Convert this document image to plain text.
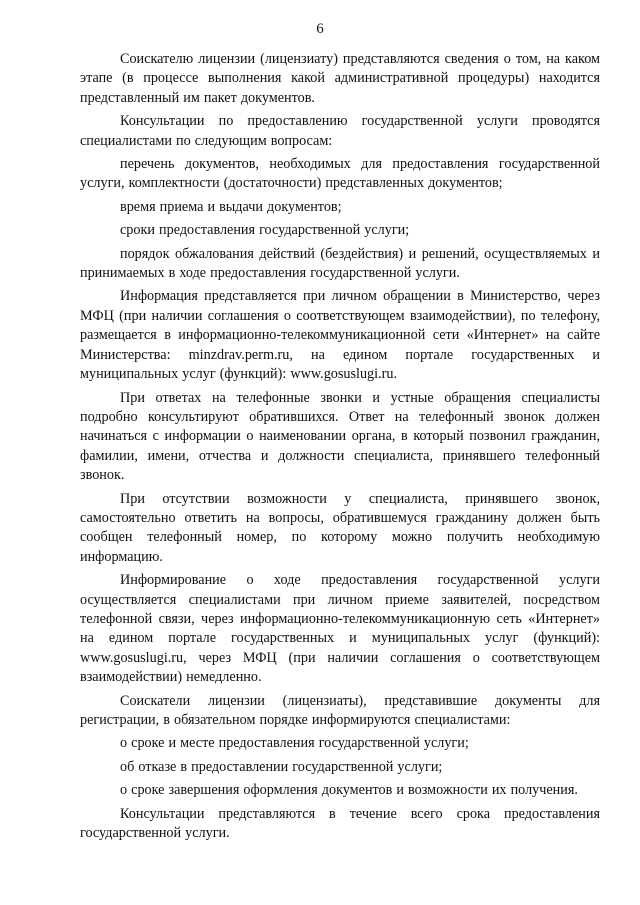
6

Соискателю лицензии (лицензиату) представляются сведения о том, на каком этапе (в процессе выполнения какой административной процедуры) находится представленный им пакет документов.

Консультации по предоставлению государственной услуги проводятся специалистами по следующим вопросам:

перечень документов, необходимых для предоставления государственной услуги, комплектности (достаточности) представленных документов;

время приема и выдачи документов;

сроки предоставления государственной услуги;

порядок обжалования действий (бездействия) и решений, осуществляемых и принимаемых в ходе предоставления государственной услуги.

Информация представляется при личном обращении в Министерство, через МФЦ (при наличии соглашения о соответствующем взаимодействии), по телефону, размещается в информационно-телекоммуникационной сети «Интернет» на сайте Министерства: minzdrav.perm.ru, на едином портале государственных и муниципальных услуг (функций): www.gosuslugi.ru.

При ответах на телефонные звонки и устные обращения специалисты подробно консультируют обратившихся. Ответ на телефонный звонок должен начинаться с информации о наименовании органа, в который позвонил гражданин, фамилии, имени, отчества и должности специалиста, принявшего телефонный звонок.

При отсутствии возможности у специалиста, принявшего звонок, самостоятельно ответить на вопросы, обратившемуся гражданину должен быть сообщен телефонный номер, по которому можно получить необходимую информацию.

Информирование о ходе предоставления государственной услуги осуществляется специалистами при личном приеме заявителей, посредством телефонной связи, через информационно-телекоммуникационную сеть «Интернет» на едином портале государственных и муниципальных услуг (функций): www.gosuslugi.ru, через МФЦ (при наличии соглашения о соответствующем взаимодействии) немедленно.

Соискатели лицензии (лицензиаты), представившие документы для регистрации, в обязательном порядке информируются специалистами:

о сроке и месте предоставления государственной услуги;

об отказе в предоставлении государственной услуги;

о сроке завершения оформления документов и возможности их получения.

Консультации представляются в течение всего срока предоставления государственной услуги.
